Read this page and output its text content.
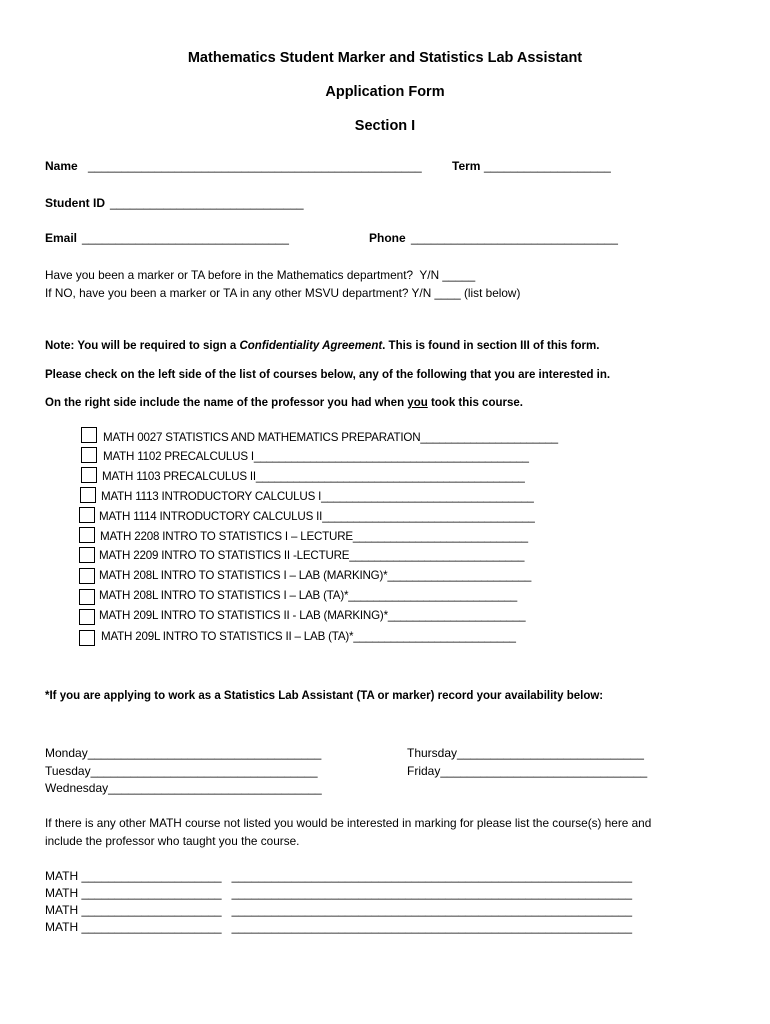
Mathematics Student Marker and Statistics Lab Assistant
Application Form
Section I
Name __________________________________________________	Term ___________________
Student ID _____________________________
Email _______________________________	Phone _______________________________
Have you been a marker or TA before in the Mathematics department?  Y/N _____
If NO, have you been a marker or TA in any other MSVU department? Y/N ____ (list below)
Note: You will be required to sign a Confidentiality Agreement. This is found in section III of this form.
Please check on the left side of the list of courses below, any of the following that you are interested in.
On the right side include the name of the professor you had when you took this course.
MATH 0027 STATISTICS AND MATHEMATICS PREPARATION______________________
MATH 1102 PRECALCULUS I____________________________________________
MATH 1103 PRECALCULUS II___________________________________________
MATH 1113 INTRODUCTORY CALCULUS I__________________________________
MATH 1114 INTRODUCTORY CALCULUS II__________________________________
MATH 2208 INTRO TO STATISTICS I – LECTURE____________________________
MATH 2209 INTRO TO STATISTICS II -LECTURE____________________________
MATH 208L INTRO TO STATISTICS I – LAB (MARKING)*_______________________
MATH 208L INTRO TO STATISTICS I – LAB (TA)*___________________________
MATH 209L INTRO TO STATISTICS II - LAB (MARKING)*______________________
MATH 209L INTRO TO STATISTICS II – LAB (TA)*__________________________
*If you are applying to work as a Statistics Lab Assistant (TA or marker) record your availability below:
Monday___________________________________
Tuesday__________________________________
Wednesday________________________________
Thursday____________________________
Friday_______________________________
If there is any other MATH course not listed you would be interested in marking for please list the course(s) here and
include the professor who taught you the course.
MATH _____________________   ____________________________________________________________
MATH _____________________   ____________________________________________________________
MATH _____________________   ____________________________________________________________
MATH _____________________   ____________________________________________________________
